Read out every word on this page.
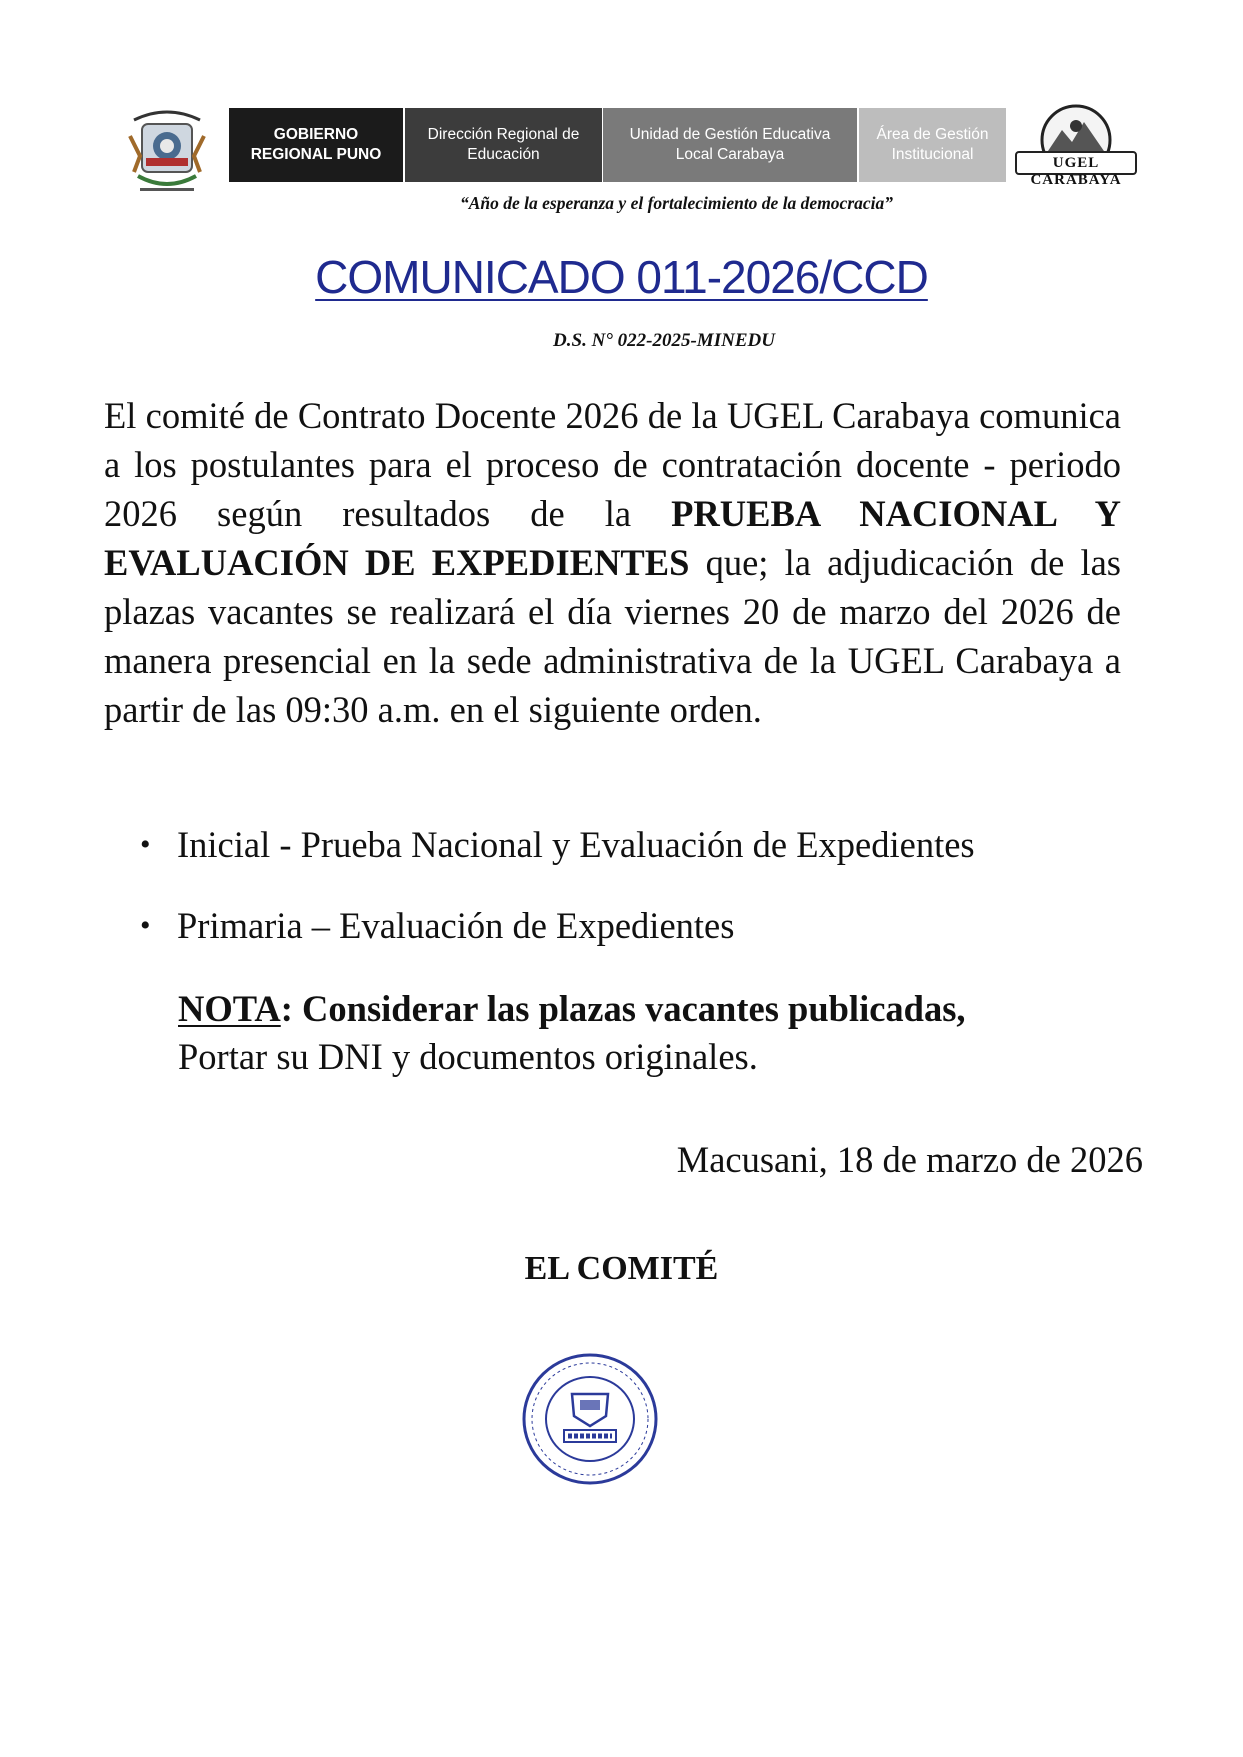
GOBIERNO REGIONAL PUNO
Dirección Regional de Educación
Unidad de Gestión Educativa Local Carabaya
Área de Gestión Institucional	UGEL CARABAYA
“Año de la esperanza y el fortalecimiento de la democracia”
COMUNICADO 011-2026/CCD
D.S. N° 022-2025-MINEDU

El comité de Contrato Docente 2026 de la UGEL Carabaya comunica a los postulantes para el proceso de contratación docente - periodo 2026 según resultados de la PRUEBA NACIONAL Y EVALUACIÓN DE EXPEDIENTES que; la adjudicación de las plazas vacantes se realizará el día viernes 20 de marzo del 2026 de manera presencial en la sede administrativa de la UGEL Carabaya a partir de las 09:30 a.m. en el siguiente orden.

• Inicial - Prueba Nacional y Evaluación de Expedientes
• Primaria – Evaluación de Expedientes
NOTA: Considerar las plazas vacantes publicadas,
Portar su DNI y documentos originales.
Macusani, 18 de marzo de 2026
EL COMITÉ
